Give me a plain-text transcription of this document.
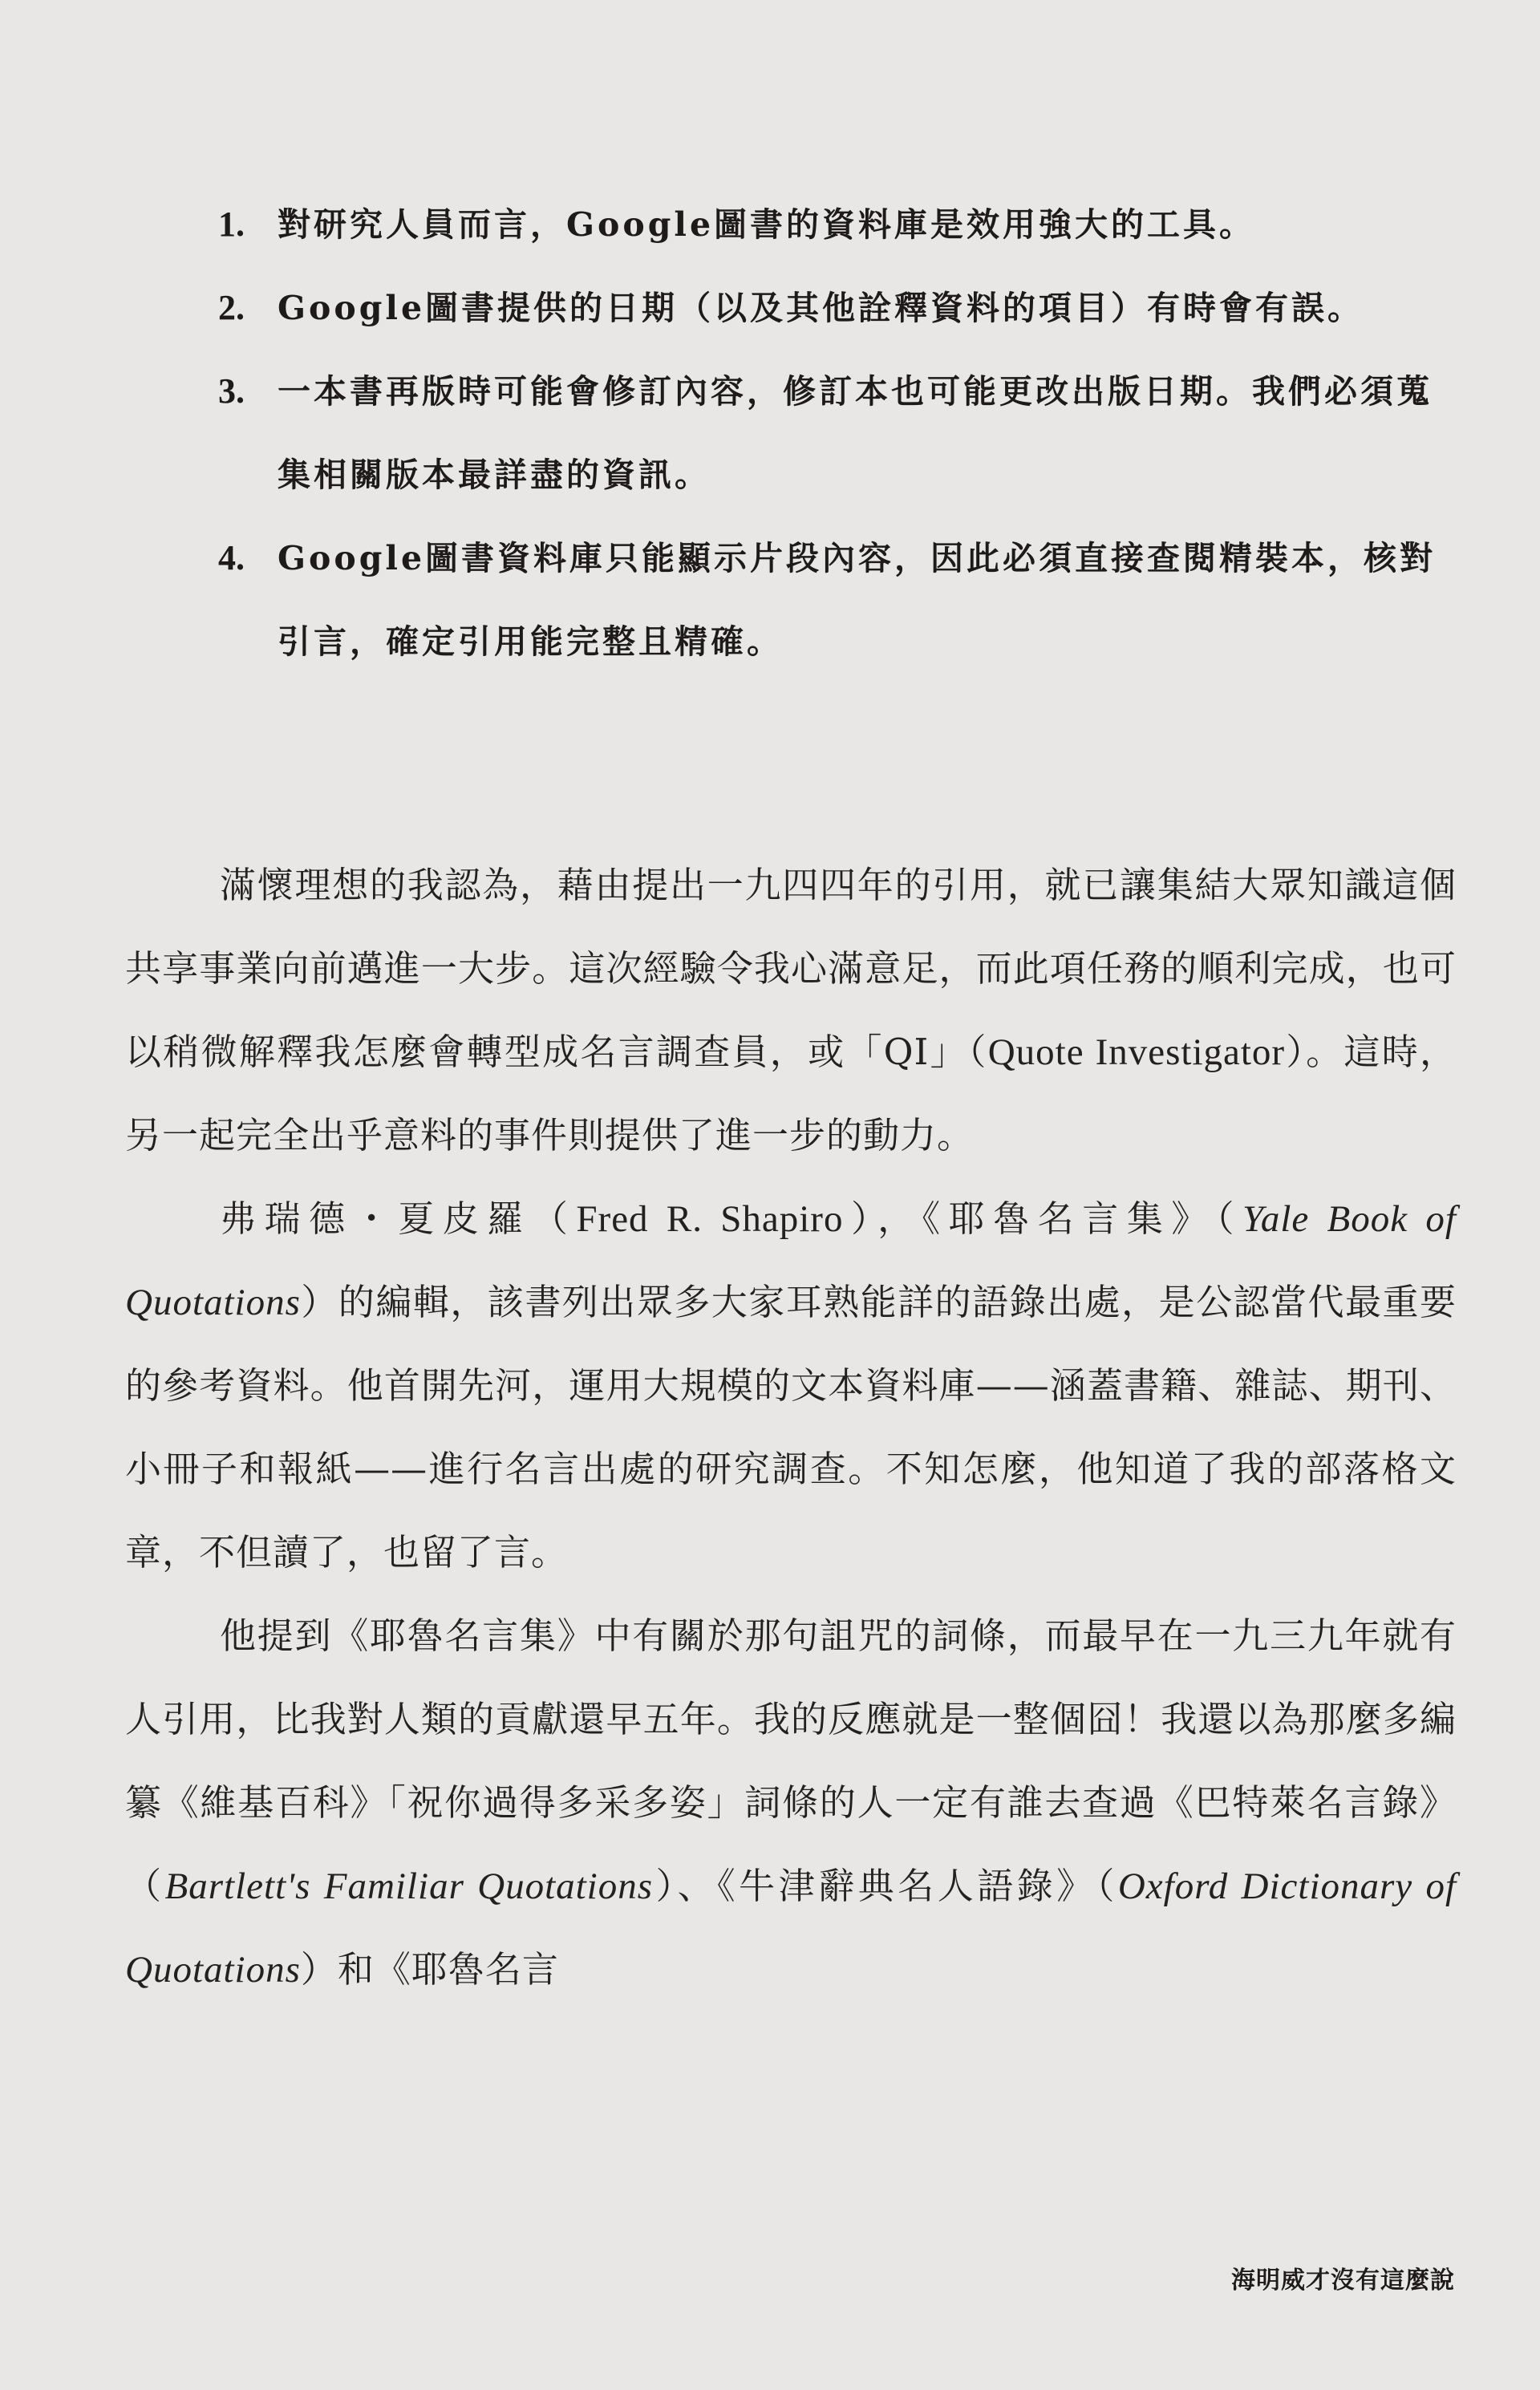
1. 對研究人員而言，Google圖書的資料庫是效用強大的工具。
2. Google圖書提供的日期（以及其他詮釋資料的項目）有時會有誤。
3. 一本書再版時可能會修訂內容，修訂本也可能更改出版日期。我們必須蒐集相關版本最詳盡的資訊。
4. Google圖書資料庫只能顯示片段內容，因此必須直接查閱精裝本，核對引言，確定引用能完整且精確。

滿懷理想的我認為，藉由提出一九四四年的引用，就已讓集結大眾知識這個共享事業向前邁進一大步。這次經驗令我心滿意足，而此項任務的順利完成，也可以稍微解釋我怎麼會轉型成名言調查員，或「QI」（Quote Investigator）。這時，另一起完全出乎意料的事件則提供了進一步的動力。

弗瑞德・夏皮羅（Fred R. Shapiro），《耶魯名言集》（Yale Book of Quotations）的編輯，該書列出眾多大家耳熟能詳的語錄出處，是公認當代最重要的參考資料。他首開先河，運用大規模的文本資料庫——涵蓋書籍、雜誌、期刊、小冊子和報紙——進行名言出處的研究調查。不知怎麼，他知道了我的部落格文章，不但讀了，也留了言。

他提到《耶魯名言集》中有關於那句詛咒的詞條，而最早在一九三九年就有人引用，比我對人類的貢獻還早五年。我的反應就是一整個囧！我還以為那麼多編纂《維基百科》「祝你過得多采多姿」詞條的人一定有誰去查過《巴特萊名言錄》（Bartlett's Familiar Quotations）、《牛津辭典名人語錄》（Oxford Dictionary of Quotations）和《耶魯名言

海明威才沒有這麼說
